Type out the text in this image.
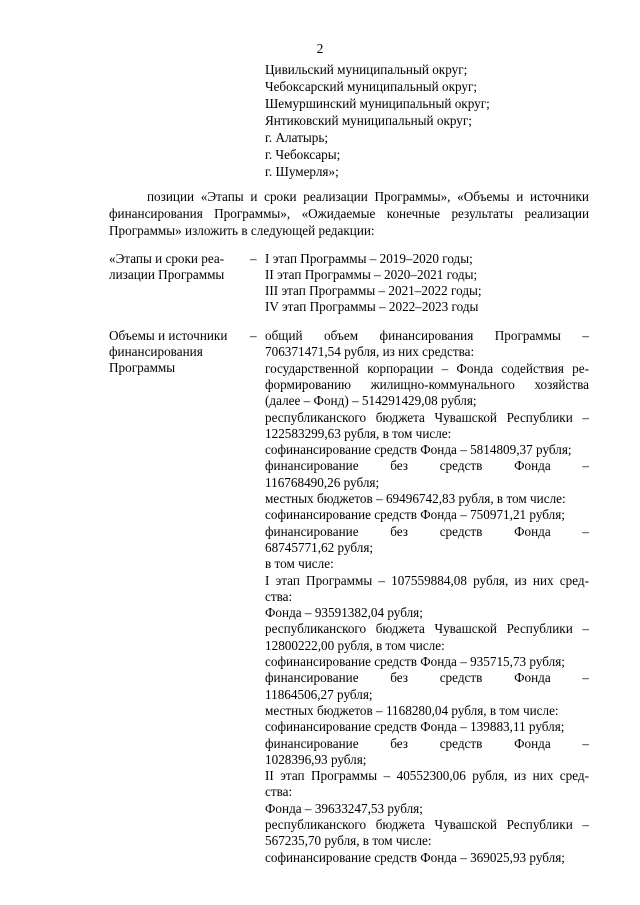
2
Цивильский муниципальный округ;
Чебоксарский муниципальный округ;
Шемуршинский муниципальный округ;
Янтиковский муниципальный округ;
г. Алатырь;
г. Чебоксары;
г. Шумерля»;
позиции «Этапы и сроки реализации Программы», «Объемы и источники
финансирования Программы», «Ожидаемые конечные результаты реализации
Программы» изложить в следующей редакции:
«Этапы и сроки реа-
лизации Программы
– I этап Программы – 2019–2020 годы;
II этап Программы – 2020–2021 годы;
III этап Программы – 2021–2022 годы;
IV этап Программы – 2022–2023 годы
Объемы и источники
финансирования
Программы
– общий объем финансирования Программы –
706371471,54 рубля, из них средства:
государственной корпорации – Фонда содействия ре-
формированию жилищно-коммунального хозяйства
(далее – Фонд) – 514291429,08 рубля;
республиканского бюджета Чувашской Республики –
122583299,63 рубля, в том числе:
софинансирование средств Фонда – 5814809,37 рубля;
финансирование без средств Фонда –
116768490,26 рубля;
местных бюджетов – 69496742,83 рубля, в том числе:
софинансирование средств Фонда – 750971,21 рубля;
финансирование без средств Фонда –
68745771,62 рубля;
в том числе:
I этап Программы – 107559884,08 рубля, из них сред-
ства:
Фонда – 93591382,04 рубля;
республиканского бюджета Чувашской Республики –
12800222,00 рубля, в том числе:
софинансирование средств Фонда – 935715,73 рубля;
финансирование без средств Фонда –
11864506,27 рубля;
местных бюджетов – 1168280,04 рубля, в том числе:
софинансирование средств Фонда – 139883,11 рубля;
финансирование без средств Фонда –
1028396,93 рубля;
II этап Программы – 40552300,06 рубля, из них сред-
ства:
Фонда – 39633247,53 рубля;
республиканского бюджета Чувашской Республики –
567235,70 рубля, в том числе:
софинансирование средств Фонда – 369025,93 рубля;
